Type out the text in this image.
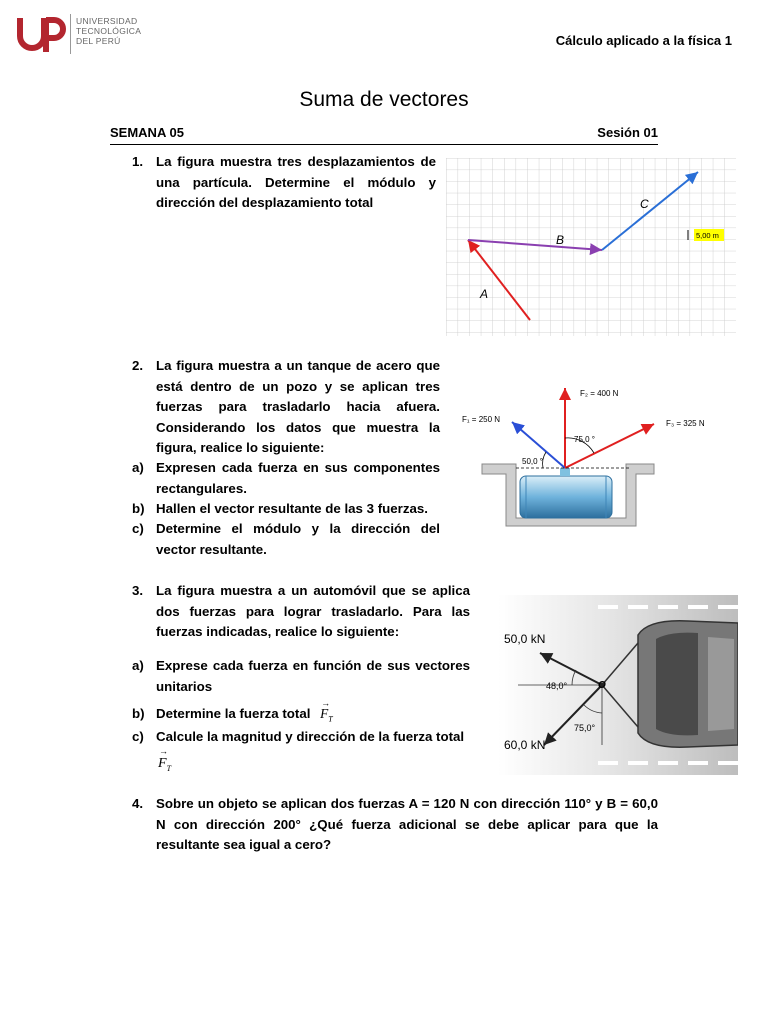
UNIVERSIDAD
TECNOLÓGICA
DEL PERÚ	Cálculo aplicado a la física 1
Suma de vectores
SEMANA 05	Sesión 01
1. La figura muestra tres desplazamientos de una partícula. Determine el módulo y dirección del desplazamiento total
A
B
C
5,00 m
2. La figura muestra a un tanque de acero que está dentro de un pozo y se aplican tres fuerzas para trasladarlo hacia afuera. Considerando los datos que muestra la figura, realice lo siguiente:
a) Expresen cada fuerza en sus componentes rectangulares.
b) Hallen el vector resultante de las 3 fuerzas.
c) Determine el módulo y la dirección del vector resultante.
F₂ = 400 N
F₁ = 250 N	F₃ = 325 N
75,0 °
50,0 °
3. La figura muestra a un automóvil que se aplica dos fuerzas para lograr trasladarlo. Para las fuerzas indicadas, realice lo siguiente:
a) Exprese cada fuerza en función de sus vectores unitarios
b) Determine la fuerza total
→
$F_T$
c) Calcule la magnitud y dirección de la fuerza total
→
$F_T$
O
50,0 kN
60,0 kN
48,0°
75,0°
4. Sobre un objeto se aplican dos fuerzas A = 120 N con dirección 110° y B = 60,0 N con dirección 200° ¿Qué fuerza adicional se debe aplicar para que la resultante sea igual a cero?
